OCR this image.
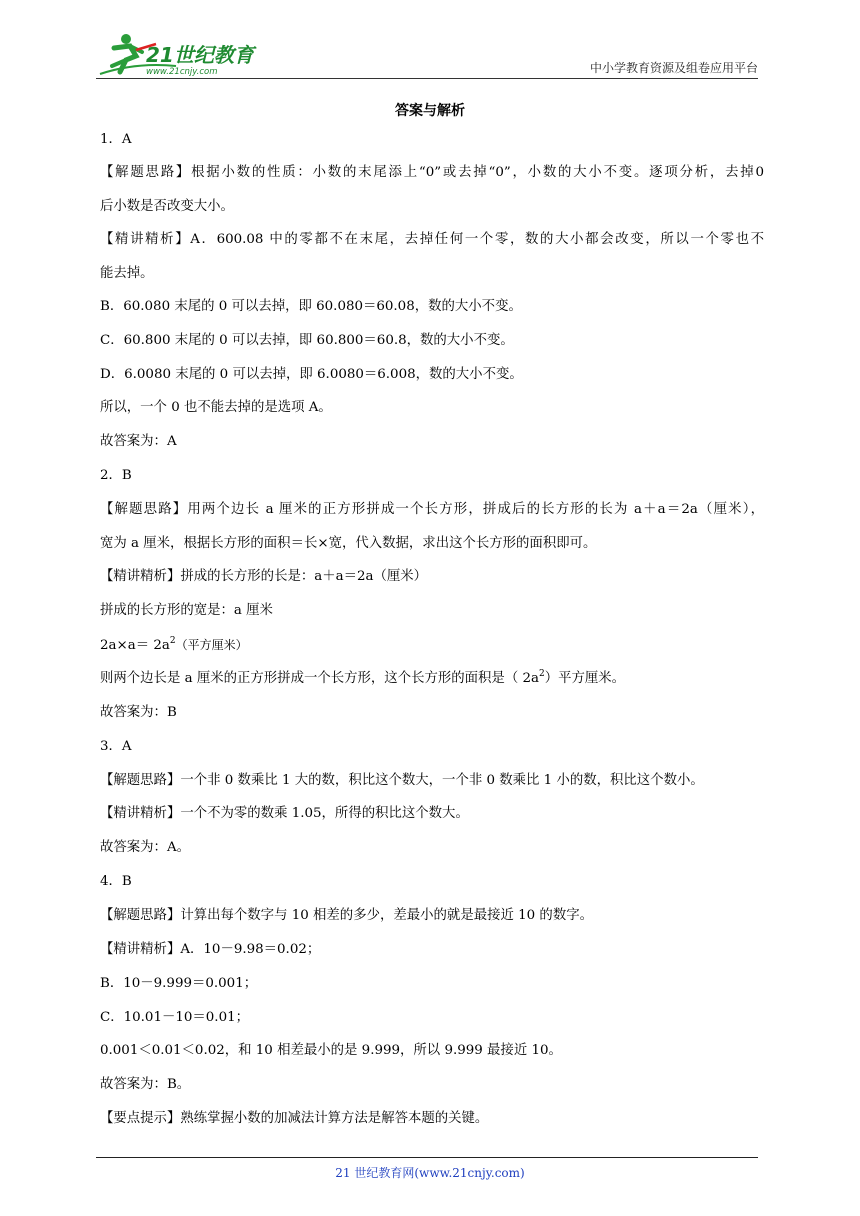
21世纪教育
www.21cnjy.com	中小学教育资源及组卷应用平台
答案与解析
1．A
【解题思路】根据小数的性质：小数的末尾添上“0”或去掉“0”，小数的大小不变。逐项分析，去掉0
后小数是否改变大小。
【精讲精析】A．600.08 中的零都不在末尾，去掉任何一个零，数的大小都会改变，所以一个零也不
能去掉。
B．60.080 末尾的 0 可以去掉，即 60.080＝60.08，数的大小不变。
C．60.800 末尾的 0 可以去掉，即 60.800＝60.8，数的大小不变。
D．6.0080 末尾的 0 可以去掉，即 6.0080＝6.008，数的大小不变。
所以，一个 0 也不能去掉的是选项 A。
故答案为：A
2．B
【解题思路】用两个边长 a 厘米的正方形拼成一个长方形，拼成后的长方形的长为 a＋a＝2a（厘米），
宽为 a 厘米，根据长方形的面积＝长×宽，代入数据，求出这个长方形的面积即可。
【精讲精析】拼成的长方形的长是：a＋a＝2a（厘米）
拼成的长方形的宽是：a 厘米
$2a\times a= 2a^2$（平方厘米）
则两个边长是 a 厘米的正方形拼成一个长方形，这个长方形的面积是（ $2a^2$）平方厘米。
故答案为：B
3．A
【解题思路】一个非 0 数乘比 1 大的数，积比这个数大，一个非 0 数乘比 1 小的数，积比这个数小。
【精讲精析】一个不为零的数乘 1.05，所得的积比这个数大。
故答案为：A。
4．B
【解题思路】计算出每个数字与 10 相差的多少，差最小的就是最接近 10 的数字。
【精讲精析】A．10－9.98＝0.02；
B．10－9.999＝0.001；
C．10.01－10＝0.01；
0.001＜0.01＜0.02，和 10 相差最小的是 9.999，所以 9.999 最接近 10。
故答案为：B。
【要点提示】熟练掌握小数的加减法计算方法是解答本题的关键。
21 世纪教育网(www.21cnjy.com)
